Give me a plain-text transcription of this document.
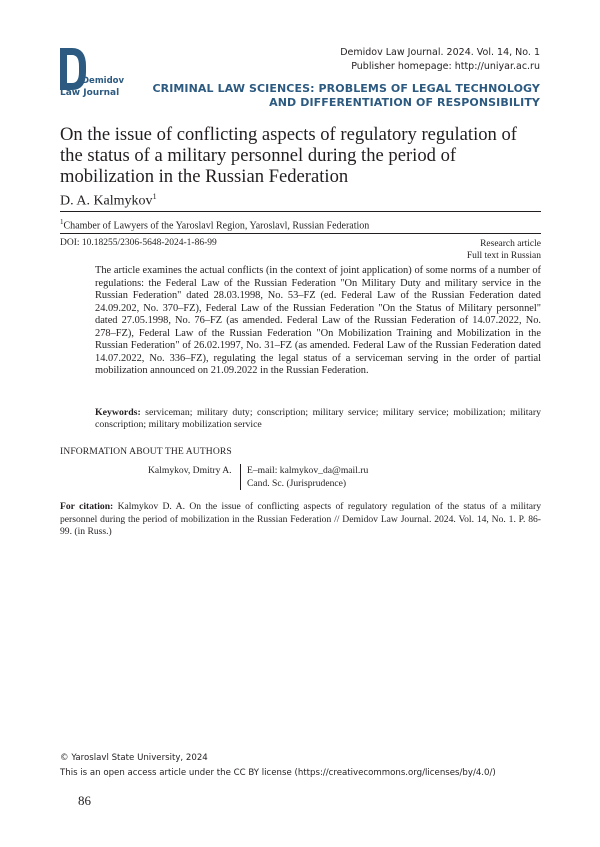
Demidov
Law Journal
Demidov Law Journal. 2024. Vol. 14, No. 1
Publisher homepage: http://uniyar.ac.ru
CRIMINAL LAW SCIENCES: PROBLEMS OF LEGAL TECHNOLOGY
AND DIFFERENTIATION OF RESPONSIBILITY
On the issue of conflicting aspects of regulatory regulation of the status of a military personnel during the period of mobilization in the Russian Federation
D. A. Kalmykov$^1$
$^1$Chamber of Lawyers of the Yaroslavl Region, Yaroslavl, Russian Federation
DOI: 10.18255/2306-5648-2024-1-86-99	Research article
Full text in Russian
The article examines the actual conflicts (in the context of joint application) of some norms of a number of regulations: the Federal Law of the Russian Federation "On Military Duty and military service in the Russian Federation" dated 28.03.1998, No. 53–FZ (ed. Federal Law of the Russian Federation dated 24.09.202, No. 370–FZ), Federal Law of the Russian Federation "On the Status of Military personnel" dated 27.05.1998, No. 76–FZ (as amended. Federal Law of the Russian Federation of 14.07.2022, No. 278–FZ), Federal Law of the Russian Federation "On Mobilization Training and Mobilization in the Russian Federation" of 26.02.1997, No. 31–FZ (as amended. Federal Law of the Russian Federation dated 14.07.2022, No. 336–FZ), regulating the legal status of a serviceman serving in the order of partial mobilization announced on 21.09.2022 in the Russian Federation.
Keywords: serviceman; military duty; conscription; military service; military service; mobilization; military conscription; military mobilization service
INFORMATION ABOUT THE AUTHORS
Kalmykov, Dmitry A. E–mail: kalmykov_da@mail.ru
Cand. Sc. (Jurisprudence)
For citation: Kalmykov D. A. On the issue of conflicting aspects of regulatory regulation of the status of a military personnel during the period of mobilization in the Russian Federation // Demidov Law Journal. 2024. Vol. 14, No. 1. P. 86-99. (in Russ.)
© Yaroslavl State University, 2024
This is an open access article under the CC BY license (https://creativecommons.org/licenses/by/4.0/)
86
